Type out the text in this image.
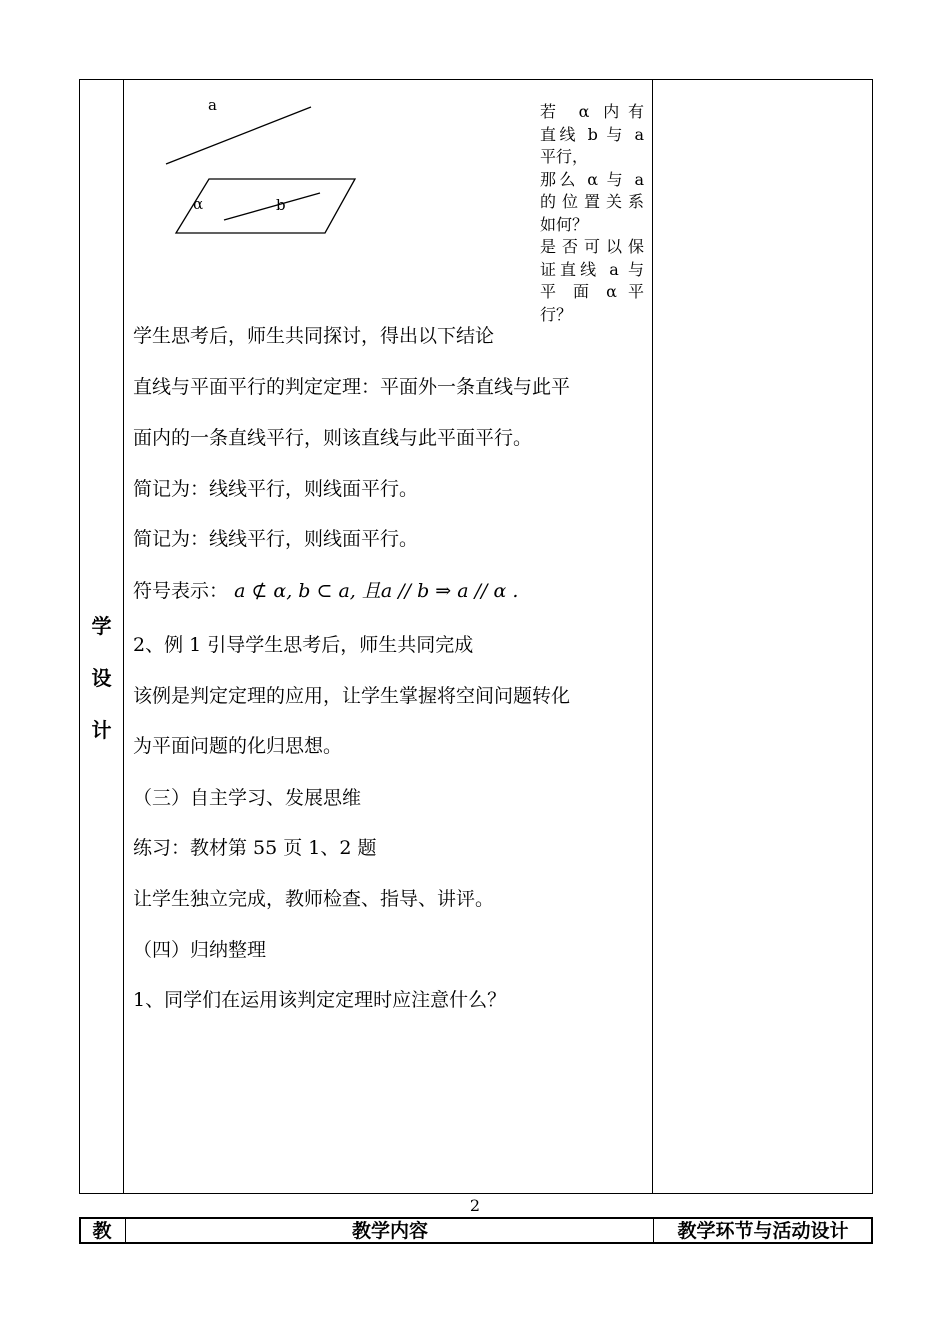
学
设
计
a
α	b
若 α 内有
直线 b 与 a
平行，
那么 α 与 a
的位置关系
如何？
是否可以保
证直线 a 与
平 面 α 平
行？
学生思考后，师生共同探讨，得出以下结论
直线与平面平行的判定定理：平面外一条直线与此平
面内的一条直线平行，则该直线与此平面平行。
简记为：线线平行，则线面平行。
简记为：线线平行，则线面平行。
符号表示： a ⊄ α, b ⊂ a, 且a // b ⇒ a // α .
2、例 1 引导学生思考后，师生共同完成
该例是判定定理的应用，让学生掌握将空间问题转化
为平面问题的化归思想。
（三）自主学习、发展思维
练习：教材第 55 页 1、2 题
让学生独立完成，教师检查、指导、讲评。
（四）归纳整理
1、同学们在运用该判定定理时应注意什么？
2
教	教学内容	教学环节与活动设计
